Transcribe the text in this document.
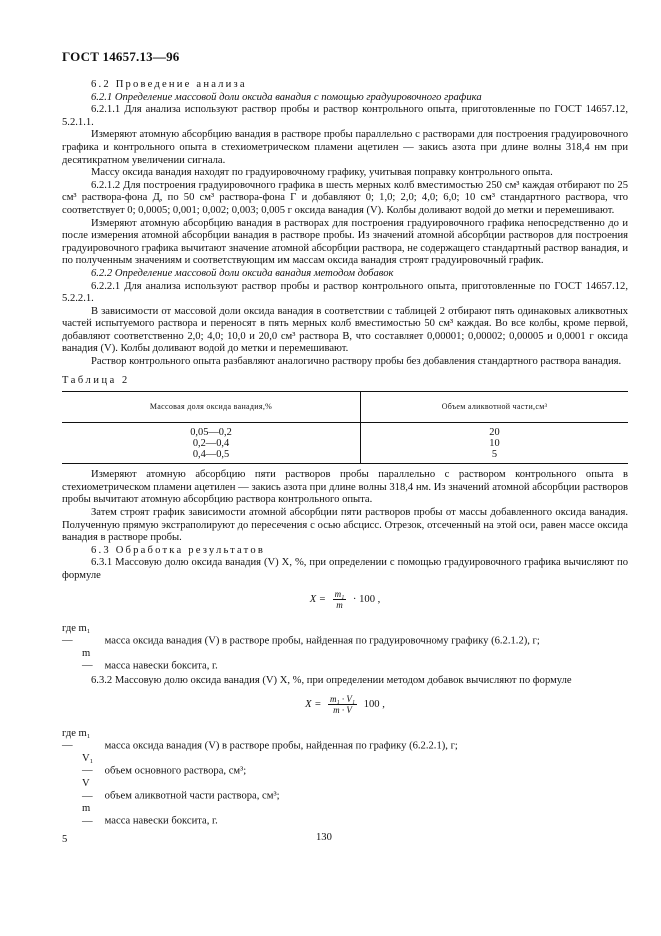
ГОСТ 14657.13—96

6.2 Проведение анализа

6.2.1 Определение массовой доли оксида ванадия с помощью градуировочного графика

6.2.1.1 Для анализа используют раствор пробы и раствор контрольного опыта, приготовленные по ГОСТ 14657.12, 5.2.1.1.

Измеряют атомную абсорбцию ванадия в растворе пробы параллельно с растворами для построения градуировочного графика и контрольного опыта в стехиометрическом пламени ацетилен — закись азота при длине волны 318,4 нм при десятикратном увеличении сигнала.

Массу оксида ванадия находят по градуировочному графику, учитывая поправку контрольного опыта.

6.2.1.2 Для построения градуировочного графика в шесть мерных колб вместимостью 250 см³ каждая отбирают по 25 см³ раствора-фона Д, по 50 см³ раствора-фона Г и добавляют 0; 1,0; 2,0; 4,0; 6,0; 10 см³ стандартного раствора, что соответствует 0; 0,0005; 0,001; 0,002; 0,003; 0,005 г оксида ванадия (V). Колбы доливают водой до метки и перемешивают.

Измеряют атомную абсорбцию ванадия в растворах для построения градуировочного графика непосредственно до и после измерения атомной абсорбции ванадия в растворе пробы. Из значений атомной абсорбции растворов для построения градуировочного графика вычитают значение атомной абсорбции раствора, не содержащего стандартный раствор ванадия, и по полученным значениям и соответствующим им массам оксида ванадия строят градуировочный график.

6.2.2 Определение массовой доли оксида ванадия методом добавок

6.2.2.1 Для анализа используют раствор пробы и раствор контрольного опыта, приготовленные по ГОСТ 14657.12, 5.2.2.1.

В зависимости от массовой доли оксида ванадия в соответствии с таблицей 2 отбирают пять одинаковых аликвотных частей испытуемого раствора и переносят в пять мерных колб вместимостью 50 см³ каждая. Во все колбы, кроме первой, добавляют соответственно 2,0; 4,0; 10,0 и 20,0 см³ раствора В, что составляет 0,00001; 0,00002; 0,00005 и 0,0001 г оксида ванадия (V). Колбы доливают водой до метки и перемешивают.

Раствор контрольного опыта разбавляют аналогично раствору пробы без добавления стандартного раствора ванадия.

Таблица 2
Массовая доля оксида ванадия,%	Объем аликвотной части,см³
0,05—0,2	20
0,2—0,4	10
0,4—0,5	5

Измеряют атомную абсорбцию пяти растворов пробы параллельно с раствором контрольного опыта в стехиометрическом пламени ацетилен — закись азота при длине волны 318,4 нм. Из значений атомной абсорбции растворов пробы вычитают атомную абсорбцию раствора контрольного опыта.

Затем строят график зависимости атомной абсорбции пяти растворов пробы от массы добавленного оксида ванадия. Полученную прямую экстраполируют до пересечения с осью абсцисс. Отрезок, отсеченный на этой оси, равен массе оксида ванадия в растворе пробы.

6.3 Обработка результатов

6.3.1 Массовую долю оксида ванадия (V) X, %, при определении с помощью градуировочного графика вычисляют по формуле

$X = \frac{\text{m₁}}{m} \cdot 100$ ,

где m₁ —	масса оксида ванадия (V) в растворе пробы, найденная по градуировочному графику (6.2.1.2), г;

m — масса навески боксита, г.

6.3.2 Массовую долю оксида ванадия (V) X, %, при определении методом добавок вычисляют по формуле

$X = \frac{\text{m₁ · V₁}}{m \cdot V} 100$ ,

где m₁ —	масса оксида ванадия (V) в растворе пробы, найденная по графику (6.2.2.1), г;

V₁ — объем основного раствора, см³;

V — объем аликвотной части раствора, см³;

m — масса навески боксита, г.

5	130
